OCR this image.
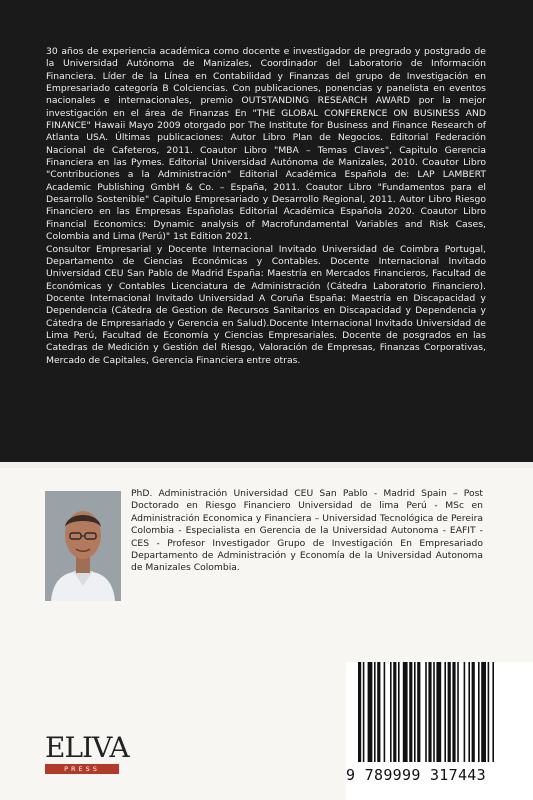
30 años de experiencia académica como docente e investigador de pregrado y postgrado de la Universidad Autónoma de Manizales, Coordinador del Laboratorio de Información Financiera. Líder de la Línea en Contabilidad y Finanzas del grupo de Investigación en Empresariado categoría B Colciencias. Con publicaciones, ponencias y panelista en eventos nacionales e internacionales, premio OUTSTANDING RESEARCH AWARD por la mejor investigación en el área de Finanzas En "THE GLOBAL CONFERENCE ON BUSINESS AND FINANCE" Hawaii Mayo 2009 otorgado por The Institute for Business and Finance Research of Atlanta USA. Últimas publicaciones: Autor Libro Plan de Negocios. Editorial Federación Nacional de Cafeteros, 2011. Coautor Libro "MBA – Temas Claves", Capitulo Gerencia Financiera en las Pymes. Editorial Universidad Autónoma de Manizales, 2010. Coautor Libro "Contribuciones a la Administración" Editorial Académica Española de: LAP LAMBERT Academic Publishing GmbH & Co. – España, 2011. Coautor Libro "Fundamentos para el Desarrollo Sostenible" Capitulo Empresariado y Desarrollo Regional, 2011. Autor Libro Riesgo Financiero en las Empresas Españolas Editorial Académica Española 2020. Coautor Libro Financial Economics: Dynamic analysis of Macrofundamental Variables and Risk Cases, Colombia and Lima (Perú)" 1st Edition 2021.

Consultor Empresarial y Docente Internacional Invitado Universidad de Coimbra Portugal, Departamento de Ciencias Económicas y Contables. Docente Internacional Invitado Universidad CEU San Pablo de Madrid España: Maestría en Mercados Financieros, Facultad de Económicas y Contables Licenciatura de Administración (Cátedra Laboratorio Financiero). Docente Internacional Invitado Universidad A Coruña España: Maestría en Discapacidad y Dependencia (Cátedra de Gestion de Recursos Sanitarios en Discapacidad y Dependencia y Cátedra de Empresariado y Gerencia en Salud).Docente Internacional Invitado Universidad de Lima Perú, Facultad de Economía y Ciencias Empresariales. Docente de posgrados en las Catedras de Medición y Gestión del Riesgo, Valoración de Empresas, Finanzas Corporativas, Mercado de Capitales, Gerencia Financiera entre otras.

PhD. Administración Universidad CEU San Pablo - Madrid Spain – Post Doctorado en Riesgo Financiero Universidad de lima Perú - MSc en Administración Economica y Financiera – Universidad Tecnológica de Pereira Colombia - Especialista en Gerencia de la Universidad Autonoma - EAFIT - CES - Profesor Investigador Grupo de Investigación En Empresariado Departamento de Administración y Economía de la Universidad Autonoma de Manizales Colombia.
ELIVA
PRESS	9 789999 317443
